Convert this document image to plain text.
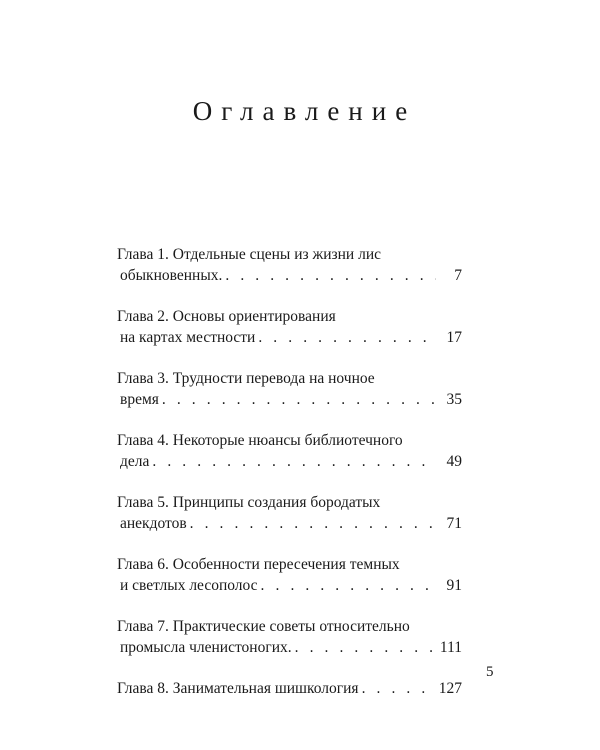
Оглавление
Глава 1. Отдельные сцены из жизни лис
обыкновенных. . . .	7
Глава 2. Основы ориентирования
на картах местности . . .	17
Глава 3. Трудности перевода на ночное
время . . .	35
Глава 4. Некоторые нюансы библиотечного
дела . . .	49
Глава 5. Принципы создания бородатых
анекдотов . . .	71
Глава 6. Особенности пересечения темных
и светлых лесополос . . .	91
Глава 7. Практические советы относительно
промысла членистоногих. . . .	111
Глава 8. Занимательная шишкология . . .	127
5
